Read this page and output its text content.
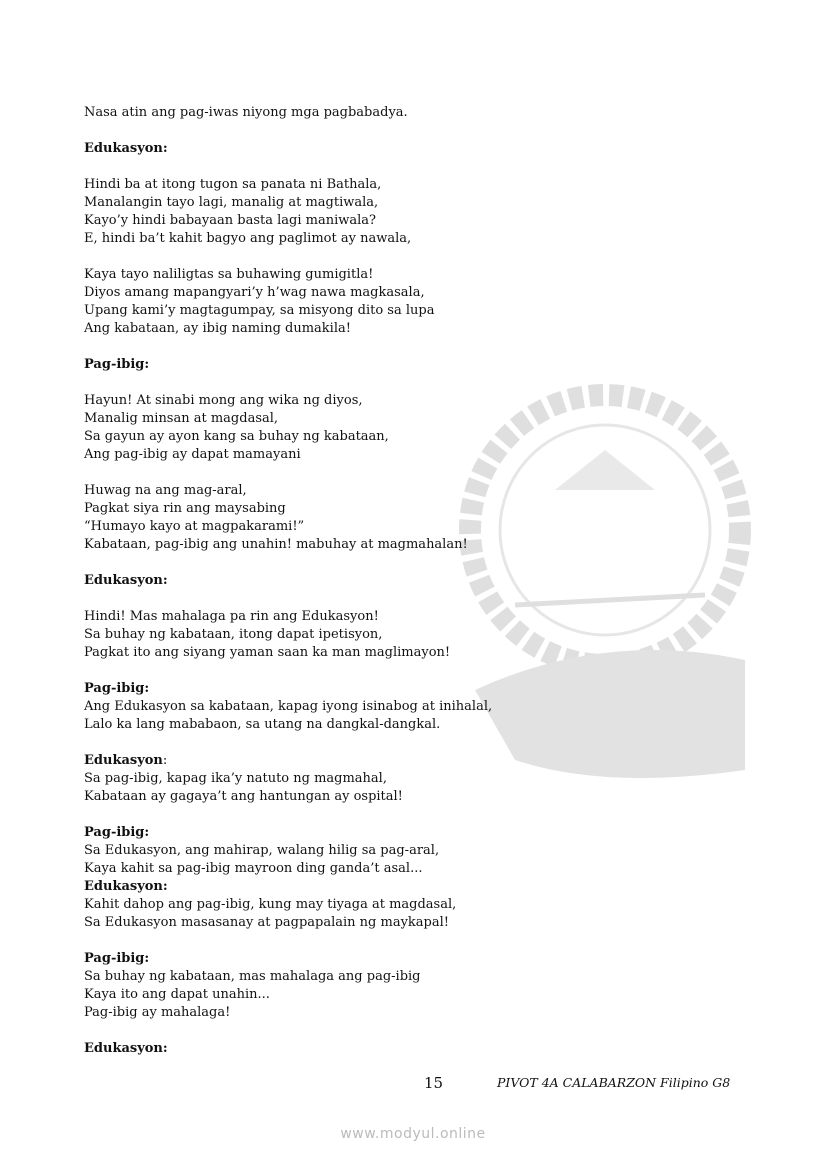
Nasa atin ang pag-iwas niyong mga pagbabadya.
Edukasyon:
Hindi ba at itong tugon sa panata ni Bathala,
Manalangin tayo lagi, manalig at magtiwala,
Kayo’y hindi babayaan basta lagi maniwala?
E, hindi ba’t kahit bagyo ang paglimot ay nawala,
Kaya tayo naliligtas sa buhawing gumigitla!
Diyos amang mapangyari’y h’wag nawa magkasala,
Upang kami’y magtagumpay, sa misyong dito sa lupa
Ang kabataan, ay ibig naming dumakila!
Pag-ibig:
Hayun! At sinabi mong ang wika ng diyos,
Manalig minsan at magdasal,
Sa gayun ay ayon kang sa buhay ng kabataan,
Ang pag-ibig ay dapat mamayani
Huwag na ang mag-aral,
Pagkat siya rin ang maysabing
“Humayo kayo at magpakarami!”
Kabataan, pag-ibig ang unahin! mabuhay at magmahalan!
Edukasyon:
Hindi! Mas mahalaga pa rin ang Edukasyon!
Sa buhay ng kabataan, itong dapat ipetisyon,
Pagkat ito ang siyang yaman saan ka man maglimayon!
Pag-ibig:
Ang Edukasyon sa kabataan, kapag iyong isinabog at inihalal,
Lalo ka lang mababaon, sa utang na dangkal-dangkal.
Edukasyon:
Sa pag-ibig, kapag ika’y natuto ng magmahal,
Kabataan ay gagaya’t ang hantungan ay ospital!
Pag-ibig:
Sa Edukasyon, ang mahirap, walang hilig sa pag-aral,
Kaya kahit sa pag-ibig mayroon ding ganda’t asal...
Edukasyon:
Kahit dahop ang pag-ibig, kung may tiyaga at magdasal,
Sa Edukasyon masasanay at pagpapalain ng maykapal!
Pag-ibig:
Sa buhay ng kabataan, mas mahalaga ang pag-ibig
Kaya ito ang dapat unahin...
Pag-ibig ay mahalaga!
Edukasyon:
15	PIVOT 4A CALABARZON Filipino G8
www.modyul.online
